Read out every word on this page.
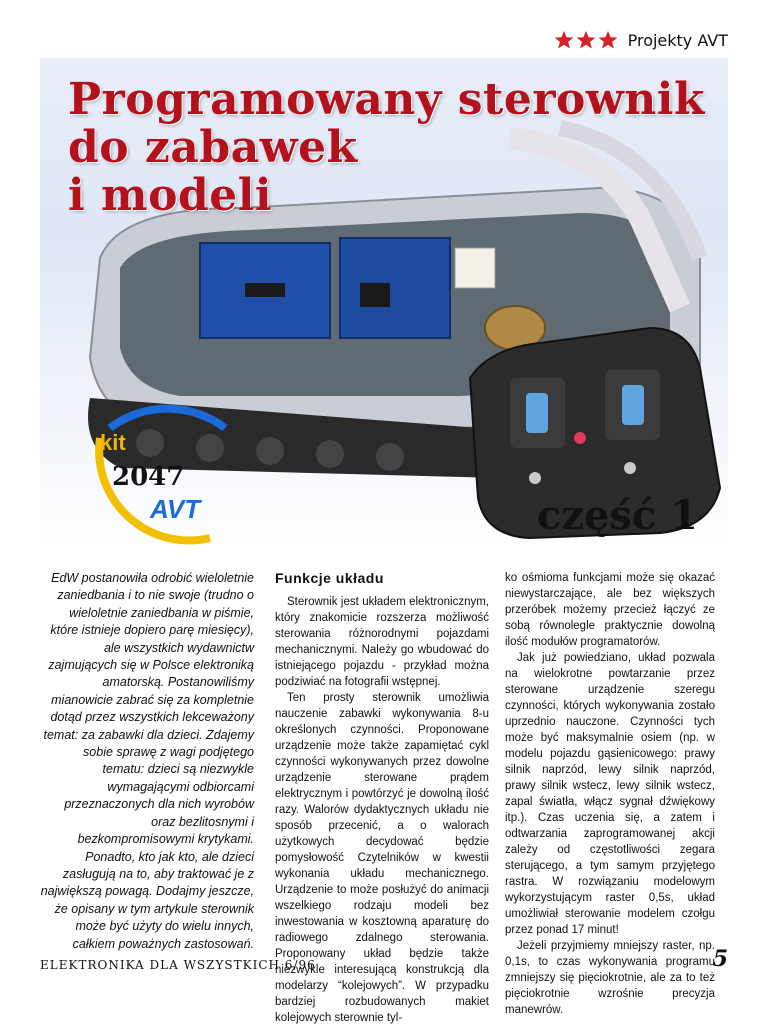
Projekty AVT
Programowany sterownik
do zabawek
i modeli
kit
2047
AVT	część 1

EdW postanowiła odrobić wieloletnie zaniedbania i to nie swoje (trudno o wieloletnie zaniedbania w piśmie, które istnieje dopiero parę miesięcy), ale wszystkich wydawnictw zajmujących się w Polsce elektroniką amatorską. Postanowiliśmy mianowicie zabrać się za kompletnie dotąd przez wszystkich lekceważony temat: za zabawki dla dzieci. Zdajemy sobie sprawę z wagi podjętego tematu: dzieci są niezwykle wymagającymi odbiorcami przeznaczonych dla nich wyrobów oraz bezlitosnymi i bezkompromisowymi krytykami. Ponadto, kto jak kto, ale dzieci zasługują na to, aby traktować je z największą powagą. Dodajmy jeszcze, że opisany w tym artykule sterownik może być użyty do wielu innych, całkiem poważnych zastosowań.

Funkcje układu

Sterownik jest układem elektronicznym, który znakomicie rozszerza możliwość sterowania różnorodnymi pojazdami mechanicznymi. Należy go wbudować do istniejącego pojazdu - przykład można podziwiać na fotografii wstępnej.

Ten prosty sterownik umożliwia nauczenie zabawki wykonywania 8-u określonych czynności. Proponowane urządzenie może także zapamiętać cykl czynności wykonywanych przez dowolne urządzenie sterowane prądem elektrycznym i powtórzyć je dowolną ilość razy. Walorów dydaktycznych układu nie sposób przecenić, a o walorach użytkowych decydować będzie pomysłowość Czytelników w kwestii wykonania układu mechanicznego. Urządzenie to może posłużyć do animacji wszelkiego rodzaju modeli bez inwestowania w kosztowną aparaturę do radiowego zdalnego sterowania. Proponowany układ będzie także niezwykle interesującą konstrukcją dla modelarzy “kolejowych”. W przypadku bardziej rozbudowanych makiet kolejowych sterownie tyl-

ko ośmioma funkcjami może się okazać niewystarczające, ale bez większych przeróbek możemy przecież łączyć ze sobą równolegle praktycznie dowolną ilość modułów programatorów.

Jak już powiedziano, układ pozwala na wielokrotne powtarzanie przez sterowane urządzenie szeregu czynności, których wykonywania zostało uprzednio nauczone. Czynności tych może być maksymalnie osiem (np. w modelu pojazdu gąsienicowego: prawy silnik naprzód, lewy silnik naprzód, prawy silnik wstecz, lewy silnik wstecz, zapal światła, włącz sygnał dźwiękowy itp.). Czas uczenia się, a zatem i odtwarzania zaprogramowanej akcji zależy od częstotliwości zegara sterującego, a tym samym przyjętego rastra. W rozwiązaniu modelowym wykorzystującym raster 0,5s, układ umożliwiał sterowanie modelem czołgu przez ponad 17 minut!

Jeżeli przyjmiemy mniejszy raster, np. 0,1s, to czas wykonywania programu zmniejszy się pięciokrotnie, ale za to też pięciokrotnie wzrośnie precyzja manewrów.

ELEKTRONIKA DLA WSZYSTKICH 6/96	5
